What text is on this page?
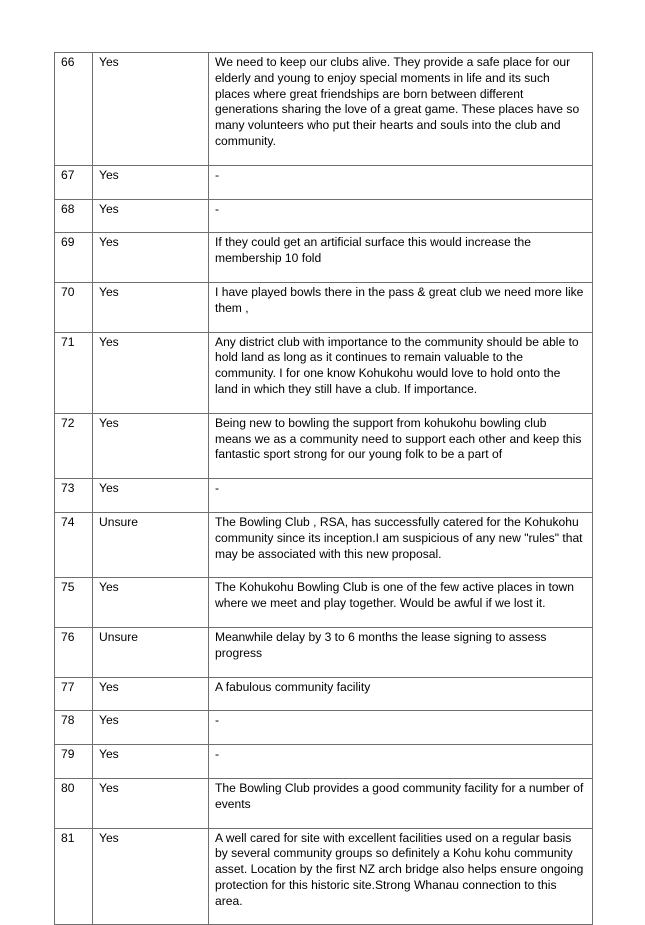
66	Yes	We need to keep our clubs alive. They provide a safe place for our elderly and young to enjoy special moments in life and its such places where great friendships are born between different generations sharing the love of a great game. These places have so many volunteers who put their hearts and souls into the club and community.
67	Yes	-
68	Yes	-
69	Yes	If they could get an artificial surface this would increase the membership 10 fold
70	Yes	I have played bowls there in the pass & great club we need more like them ,
71	Yes	Any district club with importance to the community should be able to hold land as long as it continues to remain valuable to the community. I for one know Kohukohu would love to hold onto the land in which they still have a club. If importance.
72	Yes	Being new to bowling the support from kohukohu bowling club means we as a community need to support each other and keep this fantastic sport strong for our young folk to be a part of
73	Yes	-
74	Unsure	The Bowling Club , RSA, has successfully catered for the Kohukohu community since its inception.I am suspicious of any new "rules" that may be associated with this new proposal.
75	Yes	The Kohukohu Bowling Club is one of the few active places in town where we meet and play together. Would be awful if we lost it.
76	Unsure	Meanwhile delay by 3 to 6 months the lease signing to assess progress
77	Yes	A fabulous community facility
78	Yes	-
79	Yes	-
80	Yes	The Bowling Club provides a good community facility for a number of events
81	Yes	A well cared for site with excellent facilities used on a regular basis by several community groups so definitely a Kohu kohu community asset. Location by the first NZ arch bridge also helps ensure ongoing protection for this historic site.Strong Whanau connection to this area.
